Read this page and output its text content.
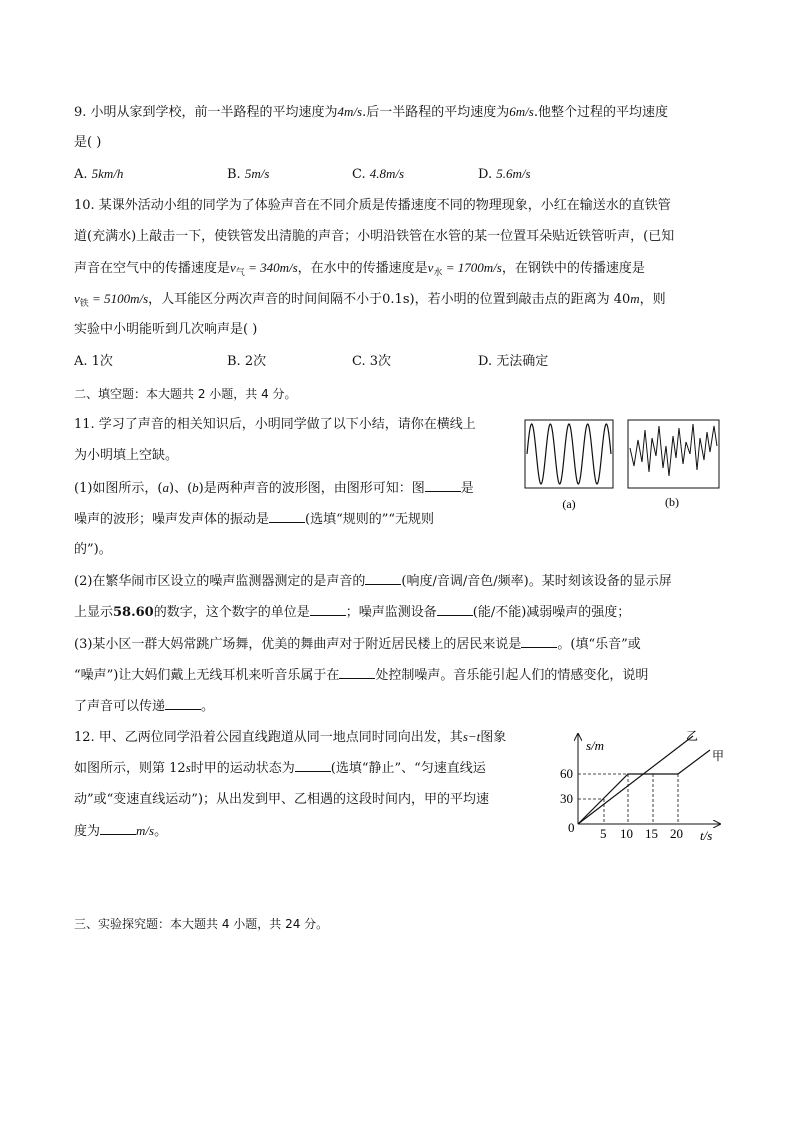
9. 小明从家到学校，前一半路程的平均速度为4m/s.后一半路程的平均速度为6m/s.他整个过程的平均速度
是( )
A. 5km/h	B. 5m/s	C. 4.8m/s	D. 5.6m/s
10. 某课外活动小组的同学为了体验声音在不同介质是传播速度不同的物理现象，小红在输送水的直铁管
道(充满水)上敲击一下，使铁管发出清脆的声音；小明沿铁管在水管的某一位置耳朵贴近铁管听声，(已知
声音在空气中的传播速度是$v_气 = 340m/s$，在水中的传播速度是$v_水 = 1700m/s$，在钢铁中的传播速度是
$v_铁 = 5100m/s$，人耳能区分两次声音的时间间隔不小于0.1s)，若小明的位置到敲击点的距离为 40m，则
实验中小明能听到几次响声是( )
A. 1次	B. 2次	C. 3次	D. 无法确定
二、填空题：本大题共 2 小题，共 4 分。
11. 学习了声音的相关知识后，小明同学做了以下小结，请你在横线上
为小明填上空缺。
(1)如图所示，(a)、(b)是两种声音的波形图，由图形可知：图	是
噪声的波形；噪声发声体的振动是	(选填“规则的”“无规则
的”)。
(2)在繁华闹市区设立的噪声监测器测定的是声音的	(响度/音调/音色/频率)。某时刻该设备的显示屏
上显示58.60的数字，这个数字的单位是	；噪声监测设备	(能/不能)减弱噪声的强度；
(3)某小区一群大妈常跳广场舞，优美的舞曲声对于附近居民楼上的居民来说是	。(填“乐音”或
“噪声”)让大妈们戴上无线耳机来听音乐属于在	处控制噪声。音乐能引起人们的情感变化，说明
了声音可以传递	。
(a)	(b)
12. 甲、乙两位同学沿着公园直线跑道从同一地点同时同向出发，其s−t图象
如图所示，则第 12s时甲的运动状态为	(选填“静止”、“匀速直线运
动”或“变速直线运动”)；从出发到甲、乙相遇的这段时间内，甲的平均速
度为	m/s。
s/m
t/s
0
60
30
5 10 15 20
乙
甲
三、实验探究题：本大题共 4 小题，共 24 分。
